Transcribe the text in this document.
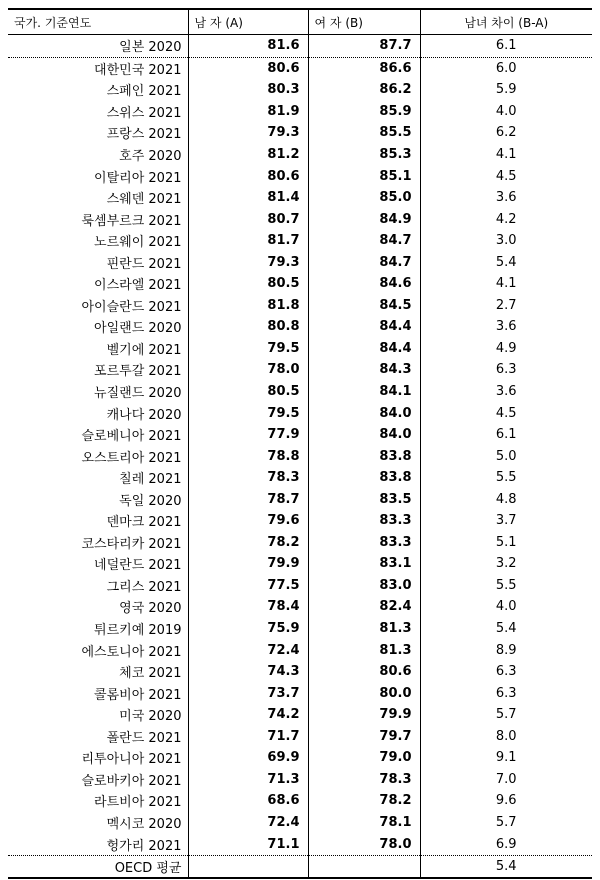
국가. 기준연도	남 자 (A)	여 자 (B)	남녀 차이 (B-A)
일본 2020	81.6	87.7	6.1
대한민국 2021	80.6	86.6	6.0
스페인 2021	80.3	86.2	5.9
스위스 2021	81.9	85.9	4.0
프랑스 2021	79.3	85.5	6.2
호주 2020	81.2	85.3	4.1
이탈리아 2021	80.6	85.1	4.5
스웨덴 2021	81.4	85.0	3.6
룩셈부르크 2021	80.7	84.9	4.2
노르웨이 2021	81.7	84.7	3.0
핀란드 2021	79.3	84.7	5.4
이스라엘 2021	80.5	84.6	4.1
아이슬란드 2021	81.8	84.5	2.7
아일랜드 2020	80.8	84.4	3.6
벨기에 2021	79.5	84.4	4.9
포르투갈 2021	78.0	84.3	6.3
뉴질랜드 2020	80.5	84.1	3.6
캐나다 2020	79.5	84.0	4.5
슬로베니아 2021	77.9	84.0	6.1
오스트리아 2021	78.8	83.8	5.0
칠레 2021	78.3	83.8	5.5
독일 2020	78.7	83.5	4.8
덴마크 2021	79.6	83.3	3.7
코스타리카 2021	78.2	83.3	5.1
네덜란드 2021	79.9	83.1	3.2
그리스 2021	77.5	83.0	5.5
영국 2020	78.4	82.4	4.0
튀르키예 2019	75.9	81.3	5.4
에스토니아 2021	72.4	81.3	8.9
체코 2021	74.3	80.6	6.3
콜롬비아 2021	73.7	80.0	6.3
미국 2020	74.2	79.9	5.7
폴란드 2021	71.7	79.7	8.0
리투아니아 2021	69.9	79.0	9.1
슬로바키아 2021	71.3	78.3	7.0
라트비아 2021	68.6	78.2	9.6
멕시코 2020	72.4	78.1	5.7
헝가리 2021	71.1	78.0	6.9
OECD 평균			5.4
